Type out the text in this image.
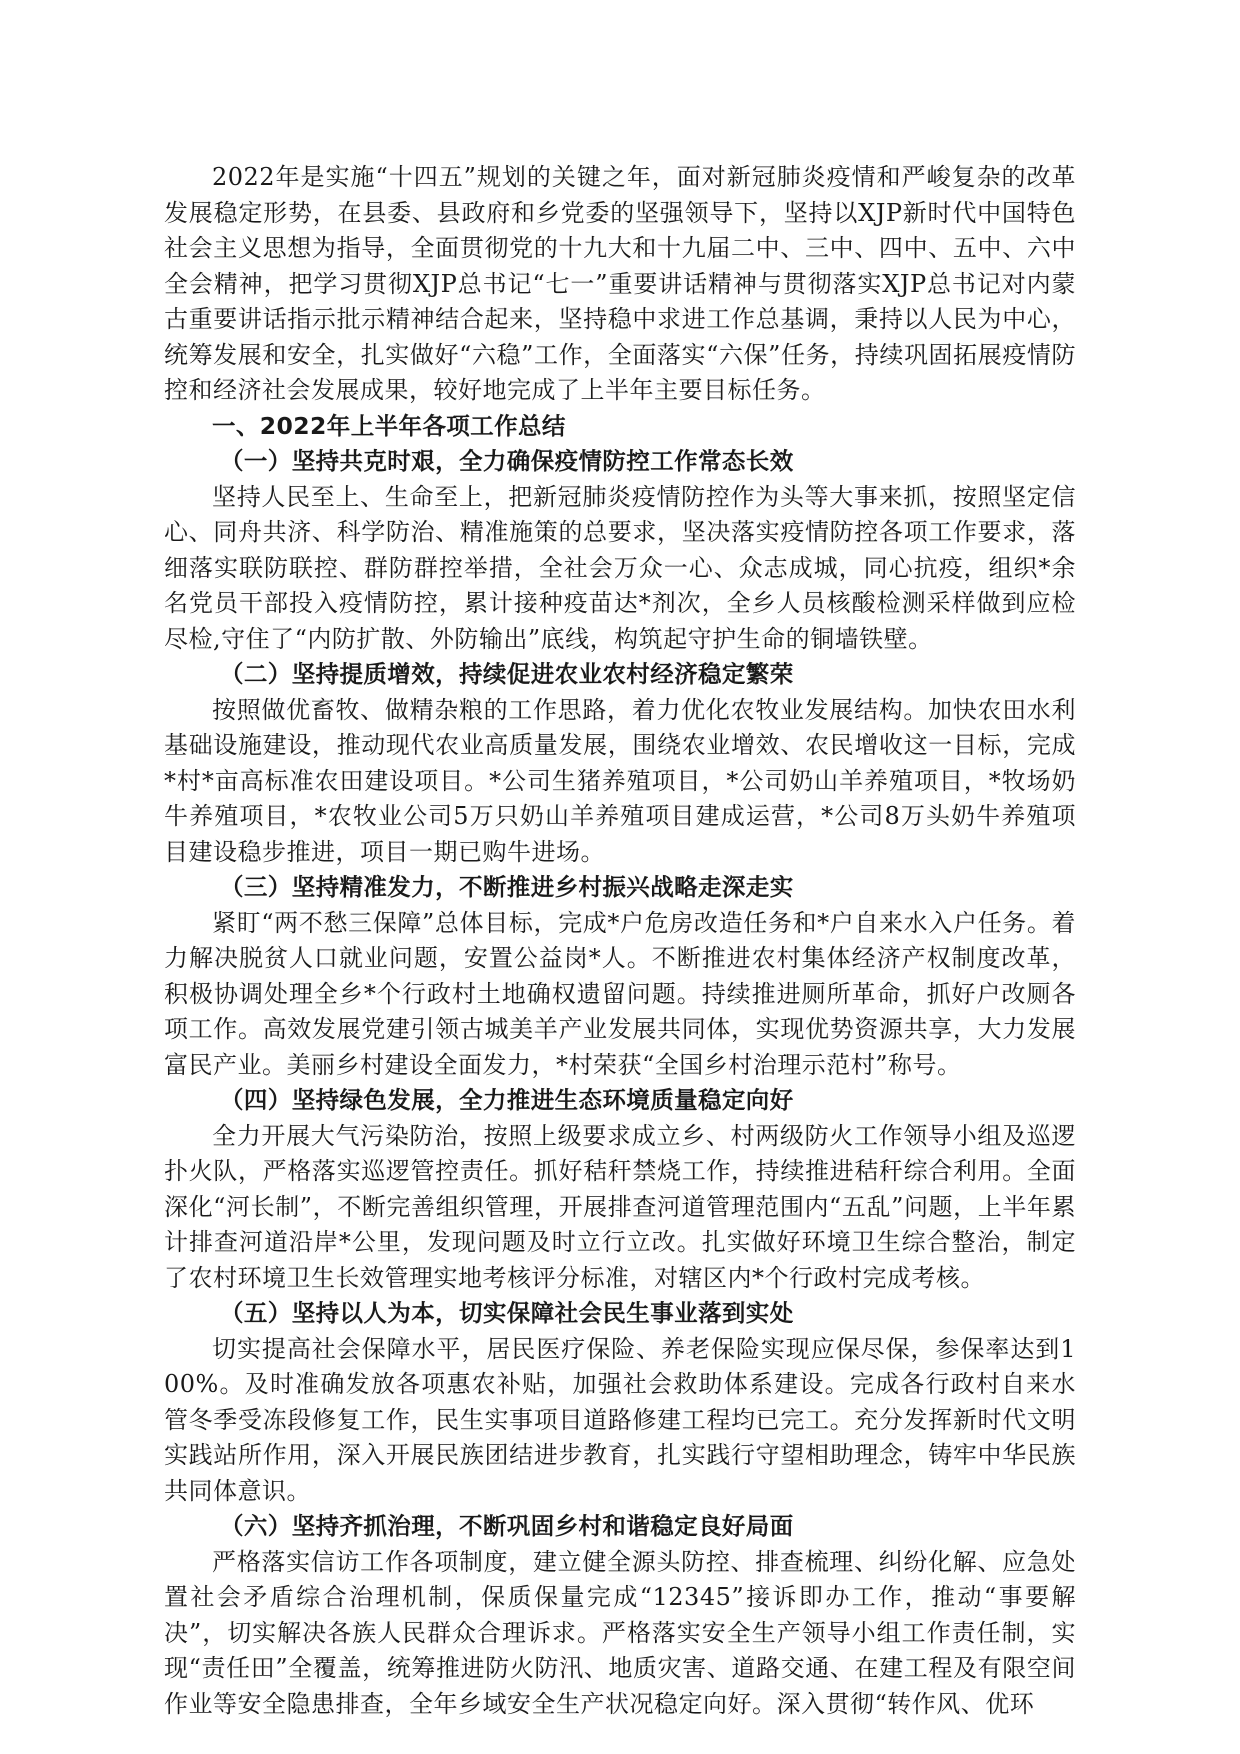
2022年是实施“十四五”规划的关键之年，面对新冠肺炎疫情和严峻复杂的改革发展稳定形势，在县委、县政府和乡党委的坚强领导下，坚持以XJP新时代中国特色社会主义思想为指导，全面贯彻党的十九大和十九届二中、三中、四中、五中、六中全会精神，把学习贯彻XJP总书记“七一”重要讲话精神与贯彻落实XJP总书记对内蒙古重要讲话指示批示精神结合起来，坚持稳中求进工作总基调，秉持以人民为中心，统筹发展和安全，扎实做好“六稳”工作，全面落实“六保”任务，持续巩固拓展疫情防控和经济社会发展成果，较好地完成了上半年主要目标任务。

一、2022年上半年各项工作总结

（一）坚持共克时艰，全力确保疫情防控工作常态长效

坚持人民至上、生命至上，把新冠肺炎疫情防控作为头等大事来抓，按照坚定信心、同舟共济、科学防治、精准施策的总要求，坚决落实疫情防控各项工作要求，落细落实联防联控、群防群控举措，全社会万众一心、众志成城，同心抗疫，组织*余名党员干部投入疫情防控，累计接种疫苗达*剂次，全乡人员核酸检测采样做到应检尽检,守住了“内防扩散、外防输出”底线，构筑起守护生命的铜墙铁壁。

（二）坚持提质增效，持续促进农业农村经济稳定繁荣

按照做优畜牧、做精杂粮的工作思路，着力优化农牧业发展结构。加快农田水利基础设施建设，推动现代农业高质量发展，围绕农业增效、农民增收这一目标，完成*村*亩高标准农田建设项目。*公司生猪养殖项目，*公司奶山羊养殖项目，*牧场奶牛养殖项目，*农牧业公司5万只奶山羊养殖项目建成运营，*公司8万头奶牛养殖项目建设稳步推进，项目一期已购牛进场。

（三）坚持精准发力，不断推进乡村振兴战略走深走实

紧盯“两不愁三保障”总体目标，完成*户危房改造任务和*户自来水入户任务。着力解决脱贫人口就业问题，安置公益岗*人。不断推进农村集体经济产权制度改革，积极协调处理全乡*个行政村土地确权遗留问题。持续推进厕所革命，抓好户改厕各项工作。高效发展党建引领古城美羊产业发展共同体，实现优势资源共享，大力发展富民产业。美丽乡村建设全面发力，*村荣获“全国乡村治理示范村”称号。

（四）坚持绿色发展，全力推进生态环境质量稳定向好

全力开展大气污染防治，按照上级要求成立乡、村两级防火工作领导小组及巡逻扑火队，严格落实巡逻管控责任。抓好秸秆禁烧工作，持续推进秸秆综合利用。全面深化“河长制”，不断完善组织管理，开展排查河道管理范围内“五乱”问题，上半年累计排查河道沿岸*公里，发现问题及时立行立改。扎实做好环境卫生综合整治，制定了农村环境卫生长效管理实地考核评分标准，对辖区内*个行政村完成考核。

（五）坚持以人为本，切实保障社会民生事业落到实处

切实提高社会保障水平，居民医疗保险、养老保险实现应保尽保，参保率达到100%。及时准确发放各项惠农补贴，加强社会救助体系建设。完成各行政村自来水管冬季受冻段修复工作，民生实事项目道路修建工程均已完工。充分发挥新时代文明实践站所作用，深入开展民族团结进步教育，扎实践行守望相助理念，铸牢中华民族共同体意识。

（六）坚持齐抓治理，不断巩固乡村和谐稳定良好局面

严格落实信访工作各项制度，建立健全源头防控、排查梳理、纠纷化解、应急处置社会矛盾综合治理机制，保质保量完成“12345”接诉即办工作，推动“事要解决”，切实解决各族人民群众合理诉求。严格落实安全生产领导小组工作责任制，实现“责任田”全覆盖，统筹推进防火防汛、地质灾害、道路交通、在建工程及有限空间作业等安全隐患排查，全年乡域安全生产状况稳定向好。深入贯彻“转作风、优环
